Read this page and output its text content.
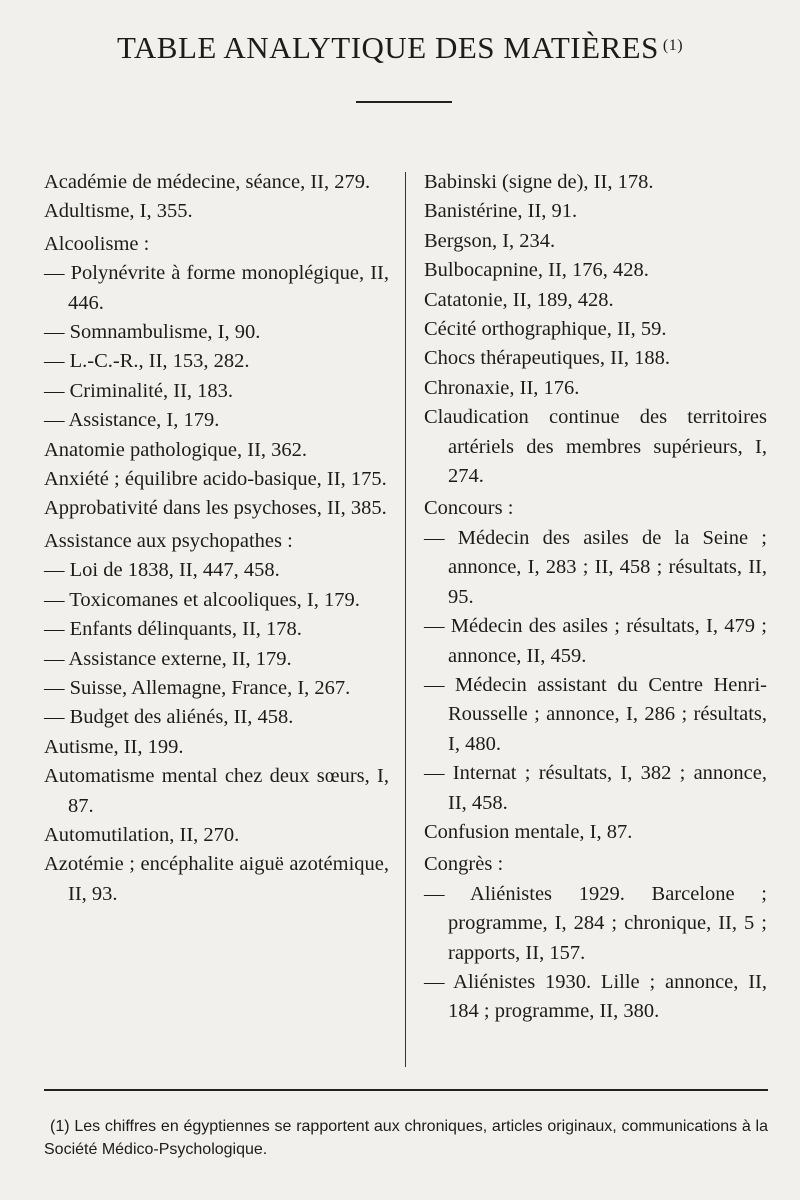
TABLE ANALYTIQUE DES MATIÈRES $^{(1)}$

Académie de médecine, séance, II, 279.

Adultisme, I, 355.

Alcoolisme :

— Polynévrite à forme monoplégique, II, 446.

— Somnambulisme, I, 90.

— L.-C.-R., II, 153, 282.

— Criminalité, II, 183.

— Assistance, I, 179.

Anatomie pathologique, II, 362.

Anxiété ; équilibre acido-basique, II, 175.

Approbativité dans les psychoses, II, 385.

Assistance aux psychopathes :

— Loi de 1838, II, 447, 458.

— Toxicomanes et alcooliques, I, 179.

— Enfants délinquants, II, 178.

— Assistance externe, II, 179.

— Suisse, Allemagne, France, I, 267.

— Budget des aliénés, II, 458.

Autisme, II, 199.

Automatisme mental chez deux sœurs, I, 87.

Automutilation, II, 270.

Azotémie ; encéphalite aiguë azotémique, II, 93.

Babinski (signe de), II, 178.

Banistérine, II, 91.

Bergson, I, 234.

Bulbocapnine, II, 176, 428.

Catatonie, II, 189, 428.

Cécité orthographique, II, 59.

Chocs thérapeutiques, II, 188.

Chronaxie, II, 176.

Claudication continue des territoires artériels des membres supérieurs, I, 274.

Concours :

— Médecin des asiles de la Seine ; annonce, I, 283 ; II, 458 ; résultats, II, 95.

— Médecin des asiles ; résultats, I, 479 ; annonce, II, 459.

— Médecin assistant du Centre Henri-Rousselle ; annonce, I, 286 ; résultats, I, 480.

— Internat ; résultats, I, 382 ; annonce, II, 458.

Confusion mentale, I, 87.

Congrès :

— Aliénistes 1929. Barcelone ; programme, I, 284 ; chronique, II, 5 ; rapports, II, 157.

— Aliénistes 1930. Lille ; annonce, II, 184 ; programme, II, 380.

(1) Les chiffres en égyptiennes se rapportent aux chroniques, articles originaux, communications à la Société Médico-Psychologique.
